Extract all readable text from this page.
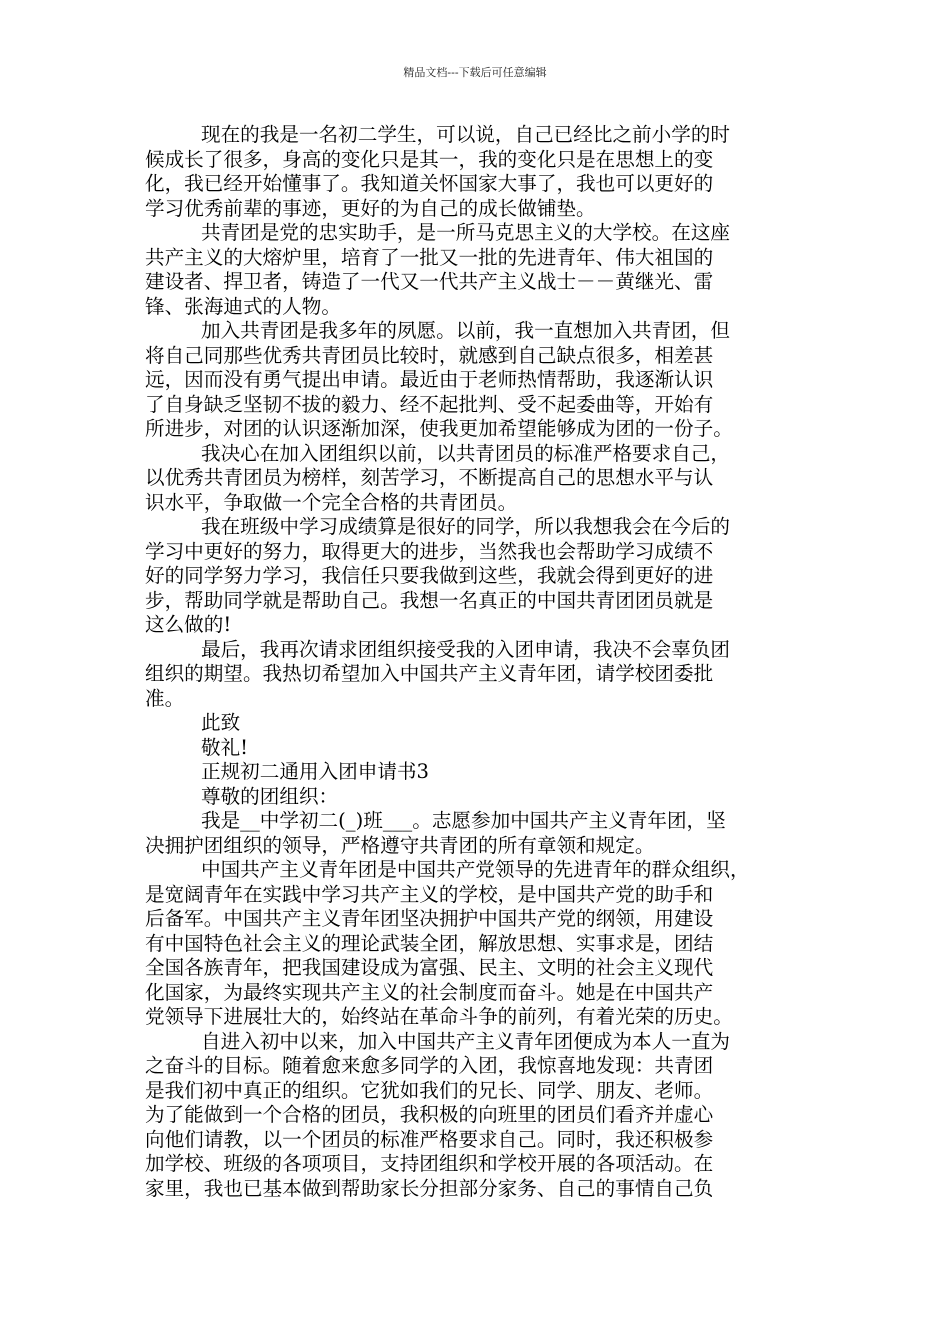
精品文档---下载后可任意编辑
现在的我是一名初二学生，可以说，自己已经比之前小学的时
候成长了很多，身高的变化只是其一，我的变化只是在思想上的变
化，我已经开始懂事了。我知道关怀国家大事了，我也可以更好的
学习优秀前辈的事迹，更好的为自己的成长做铺垫。
共青团是党的忠实助手，是一所马克思主义的大学校。在这座
共产主义的大熔炉里，培育了一批又一批的先进青年、伟大祖国的
建设者、捍卫者，铸造了一代又一代共产主义战士－－黄继光、雷
锋、张海迪式的人物。
加入共青团是我多年的夙愿。以前，我一直想加入共青团，但
将自己同那些优秀共青团员比较时，就感到自己缺点很多，相差甚
远，因而没有勇气提出申请。最近由于老师热情帮助，我逐渐认识
了自身缺乏坚韧不拔的毅力、经不起批判、受不起委曲等，开始有
所进步，对团的认识逐渐加深，使我更加希望能够成为团的一份子。
我决心在加入团组织以前，以共青团员的标准严格要求自己，
以优秀共青团员为榜样，刻苦学习，不断提高自己的思想水平与认
识水平，争取做一个完全合格的共青团员。
我在班级中学习成绩算是很好的同学，所以我想我会在今后的
学习中更好的努力，取得更大的进步，当然我也会帮助学习成绩不
好的同学努力学习，我信任只要我做到这些，我就会得到更好的进
步，帮助同学就是帮助自己。我想一名真正的中国共青团团员就是
这么做的!
最后，我再次请求团组织接受我的入团申请，我决不会辜负团
组织的期望。我热切希望加入中国共产主义青年团，请学校团委批
准。
此致
敬礼!
正规初二通用入团申请书3
尊敬的团组织：
我是__中学初二(_)班___。志愿参加中国共产主义青年团，坚
决拥护团组织的领导，严格遵守共青团的所有章领和规定。
中国共产主义青年团是中国共产党领导的先进青年的群众组织，
是宽阔青年在实践中学习共产主义的学校，是中国共产党的助手和
后备军。中国共产主义青年团坚决拥护中国共产党的纲领，用建设
有中国特色社会主义的理论武装全团，解放思想、实事求是，团结
全国各族青年，把我国建设成为富强、民主、文明的社会主义现代
化国家，为最终实现共产主义的社会制度而奋斗。她是在中国共产
党领导下进展壮大的，始终站在革命斗争的前列，有着光荣的历史。
自进入初中以来，加入中国共产主义青年团便成为本人一直为
之奋斗的目标。随着愈来愈多同学的入团，我惊喜地发现：共青团
是我们初中真正的组织。它犹如我们的兄长、同学、朋友、老师。
为了能做到一个合格的团员，我积极的向班里的团员们看齐并虚心
向他们请教，以一个团员的标准严格要求自己。同时，我还积极参
加学校、班级的各项项目，支持团组织和学校开展的各项活动。在
家里，我也已基本做到帮助家长分担部分家务、自己的事情自己负
